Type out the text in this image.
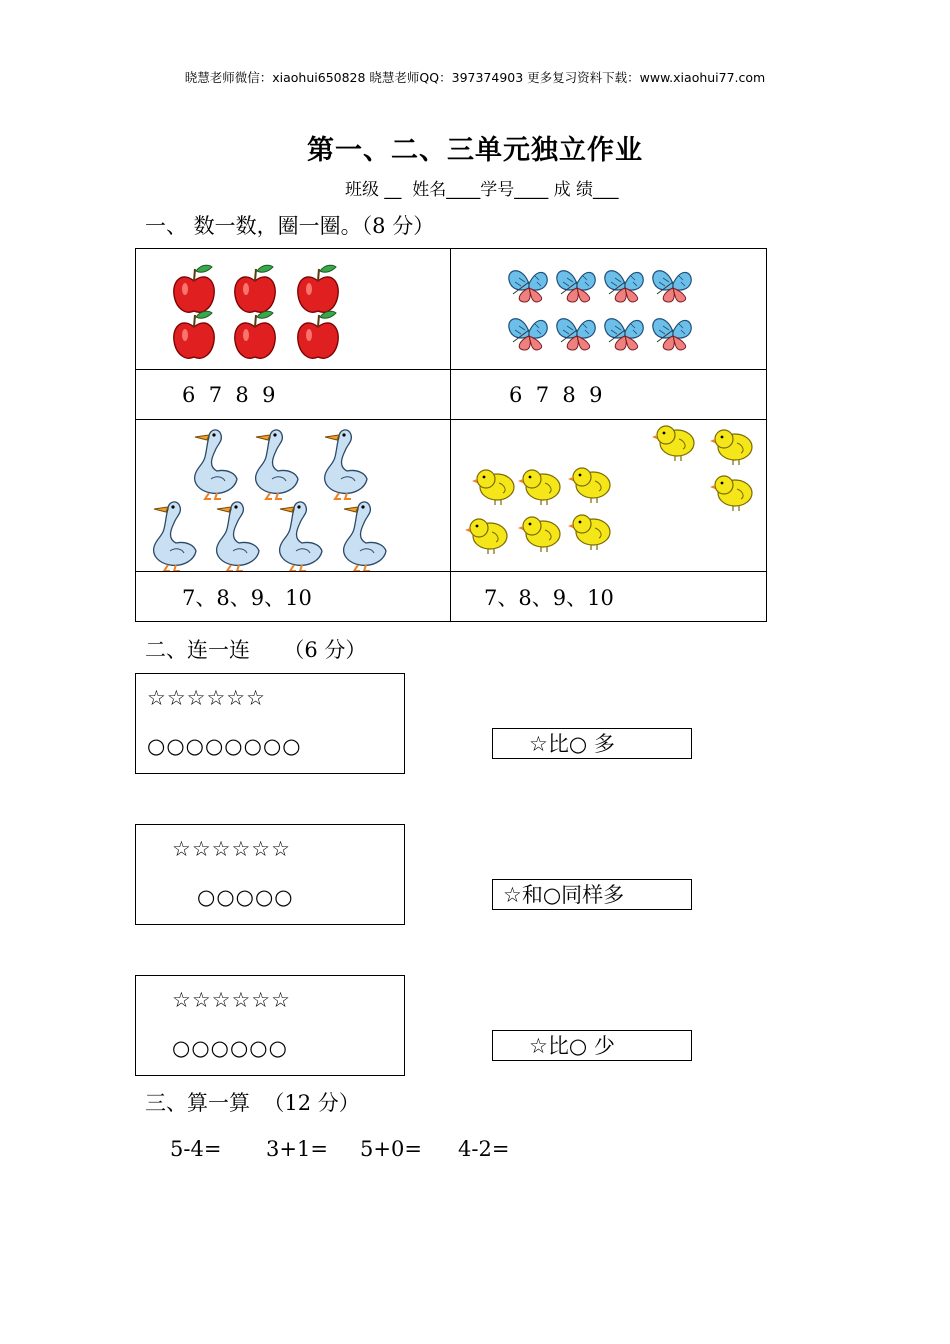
晓慧老师微信：xiaohui650828 晓慧老师QQ：397374903 更多复习资料下载：www.xiaohui77.com
第一、二、三单元独立作业
班级 __  姓名____学号____ 成 绩___
一、 数一数，圈一圈。（8 分）

6  7  8  9	6  7  8  9

7、8、9、10	7、8、9、10
二、连一连     （6 分）
☆☆☆☆☆☆
○○○○○○○○	☆比○ 多
☆☆☆☆☆☆
○○○○○	☆和○同样多
☆☆☆☆☆☆
○○○○○○	☆比○ 少
三、算一算  （12 分）
5-4= 3+1= 5+0= 4-2=
